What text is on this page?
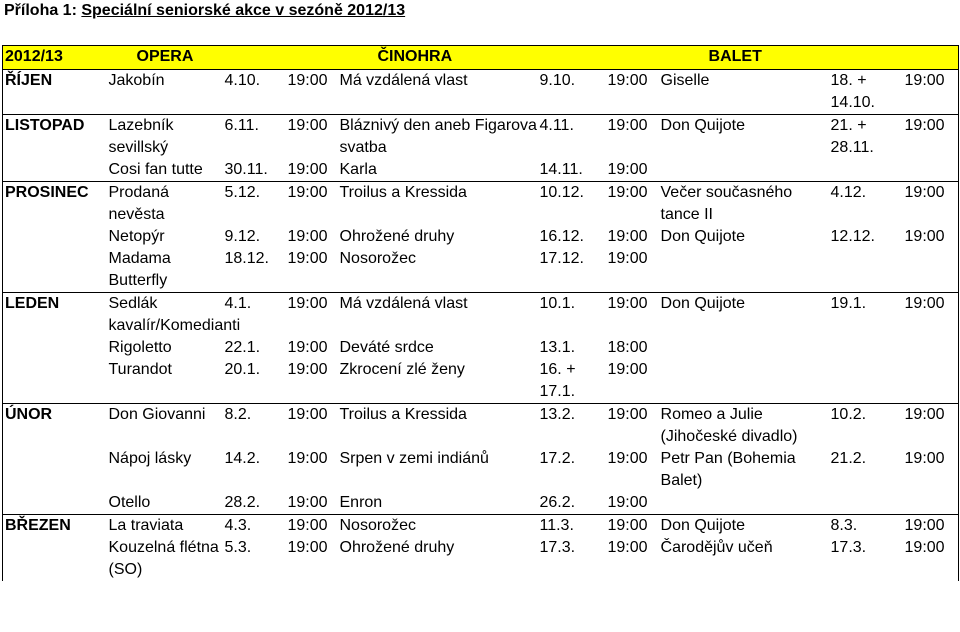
Příloha 1: Speciální seniorské akce v sezóně 2012/13
2012/13	OPERA			ČINOHRA			BALET		
ŘÍJEN	Jakobín	4.10.	19:00	Má vzdálená vlast	9.10.	19:00	Giselle	18. + 14.10.	19:00
LISTOPAD	Lazebník sevillský	6.11.	19:00	Bláznivý den aneb Figarova svatba	4.11.	19:00	Don Quijote	21. + 28.11.	19:00
	Cosi fan tutte	30.11.	19:00	Karla	14.11.	19:00			
PROSINEC	Prodaná nevěsta	5.12.	19:00	Troilus a Kressida	10.12.	19:00	Večer současného tance II	4.12.	19:00
	Netopýr	9.12.	19:00	Ohrožené druhy	16.12.	19:00	Don Quijote	12.12.	19:00
	Madama Butterfly	18.12.	19:00	Nosorožec	17.12.	19:00			
LEDEN	Sedlák kavalír/Komedianti	4.1.	19:00	Má vzdálená vlast	10.1.	19:00	Don Quijote	19.1.	19:00
	Rigoletto	22.1.	19:00	Deváté srdce	13.1.	18:00			
	Turandot	20.1.	19:00	Zkrocení zlé ženy	16. + 17.1.	19:00			
ÚNOR	Don Giovanni	8.2.	19:00	Troilus a Kressida	13.2.	19:00	Romeo a Julie (Jihočeské divadlo)	10.2.	19:00
	Nápoj lásky	14.2.	19:00	Srpen v zemi indiánů	17.2.	19:00	Petr Pan (Bohemia Balet)	21.2.	19:00
	Otello	28.2.	19:00	Enron	26.2.	19:00			
BŘEZEN	La traviata	4.3.	19:00	Nosorožec	11.3.	19:00	Don Quijote	8.3.	19:00
	Kouzelná flétna (SO)	5.3.	19:00	Ohrožené druhy	17.3.	19:00	Čarodějův učeň	17.3.	19:00
